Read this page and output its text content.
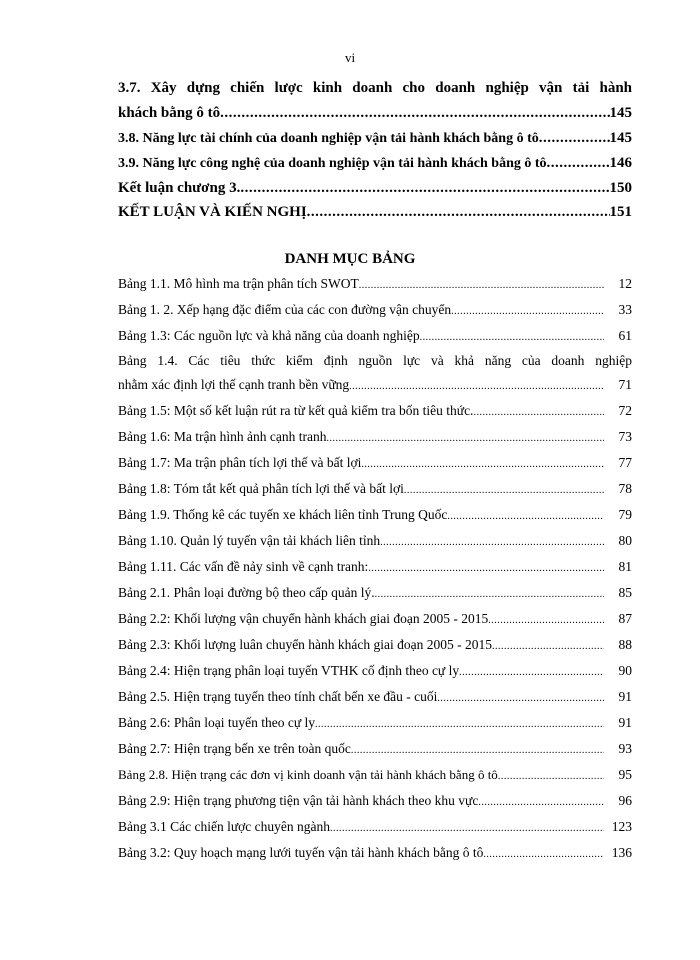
vi
3.7. Xây dựng chiến lược kinh doanh cho doanh nghiệp vận tải hành
khách bằng ô tô .....	145
3.8. Năng lực tài chính của doanh nghiệp vận tải hành khách bằng ô tô .....	145
3.9. Năng lực công nghệ của doanh nghiệp vận tải hành khách bằng ô tô .....	146
Kết luận chương 3. .....	150
KẾT LUẬN VÀ KIẾN NGHỊ .....	151
DANH MỤC BẢNG
Bảng 1.1. Mô hình ma trận phân tích SWOT .....	12
Bảng 1. 2. Xếp hạng đặc điểm của các con đường vận chuyển .....	33
Bảng 1.3: Các nguồn lực và khả năng của doanh nghiệp .....	61
Bảng 1.4. Các tiêu thức kiểm định nguồn lực và khả năng của doanh nghiệp
nhằm xác định lợi thế cạnh tranh bền vững .....	71
Bảng 1.5: Một số kết luận rút ra từ kết quả kiểm tra bốn tiêu thức. .....	72
Bảng 1.6: Ma trận hình ảnh cạnh tranh .....	73
Bảng 1.7: Ma trận phân tích lợi thế và bất lợi .....	77
Bảng 1.8: Tóm tắt kết quả phân tích lợi thế và bất lợi .....	78
Bảng 1.9. Thống kê các tuyến xe khách liên tỉnh Trung Quốc .....	79
Bảng 1.10. Quản lý tuyến vận tải khách liên tỉnh .....	80
Bảng 1.11. Các vấn đề nảy sinh về cạnh tranh: .....	81
Bảng 2.1. Phân loại đường bộ theo cấp quản lý. .....	85
Bảng 2.2: Khối lượng vận chuyển hành khách giai đoạn 2005 - 2015 .....	87
Bảng 2.3: Khối lượng luân chuyển hành khách giai đoạn 2005 - 2015 .....	88
Bảng 2.4: Hiện trạng phân loại tuyến VTHK cố định theo cự ly .....	90
Bảng 2.5. Hiện trạng tuyến theo tính chất bến xe đầu - cuối .....	91
Bảng 2.6: Phân loại tuyến theo cự ly .....	91
Bảng 2.7: Hiện trạng bến xe trên toàn quốc .....	93
Bảng 2.8. Hiện trạng các đơn vị kinh doanh vận tải hành khách bằng ô tô .....	95
Bảng 2.9: Hiện trạng phương tiện vận tải hành khách theo khu vực .....	96
Bảng 3.1 Các chiến lược chuyên ngành .....	123
Bảng 3.2: Quy hoạch mạng lưới tuyến vận tải hành khách bằng ô tô .....	136
